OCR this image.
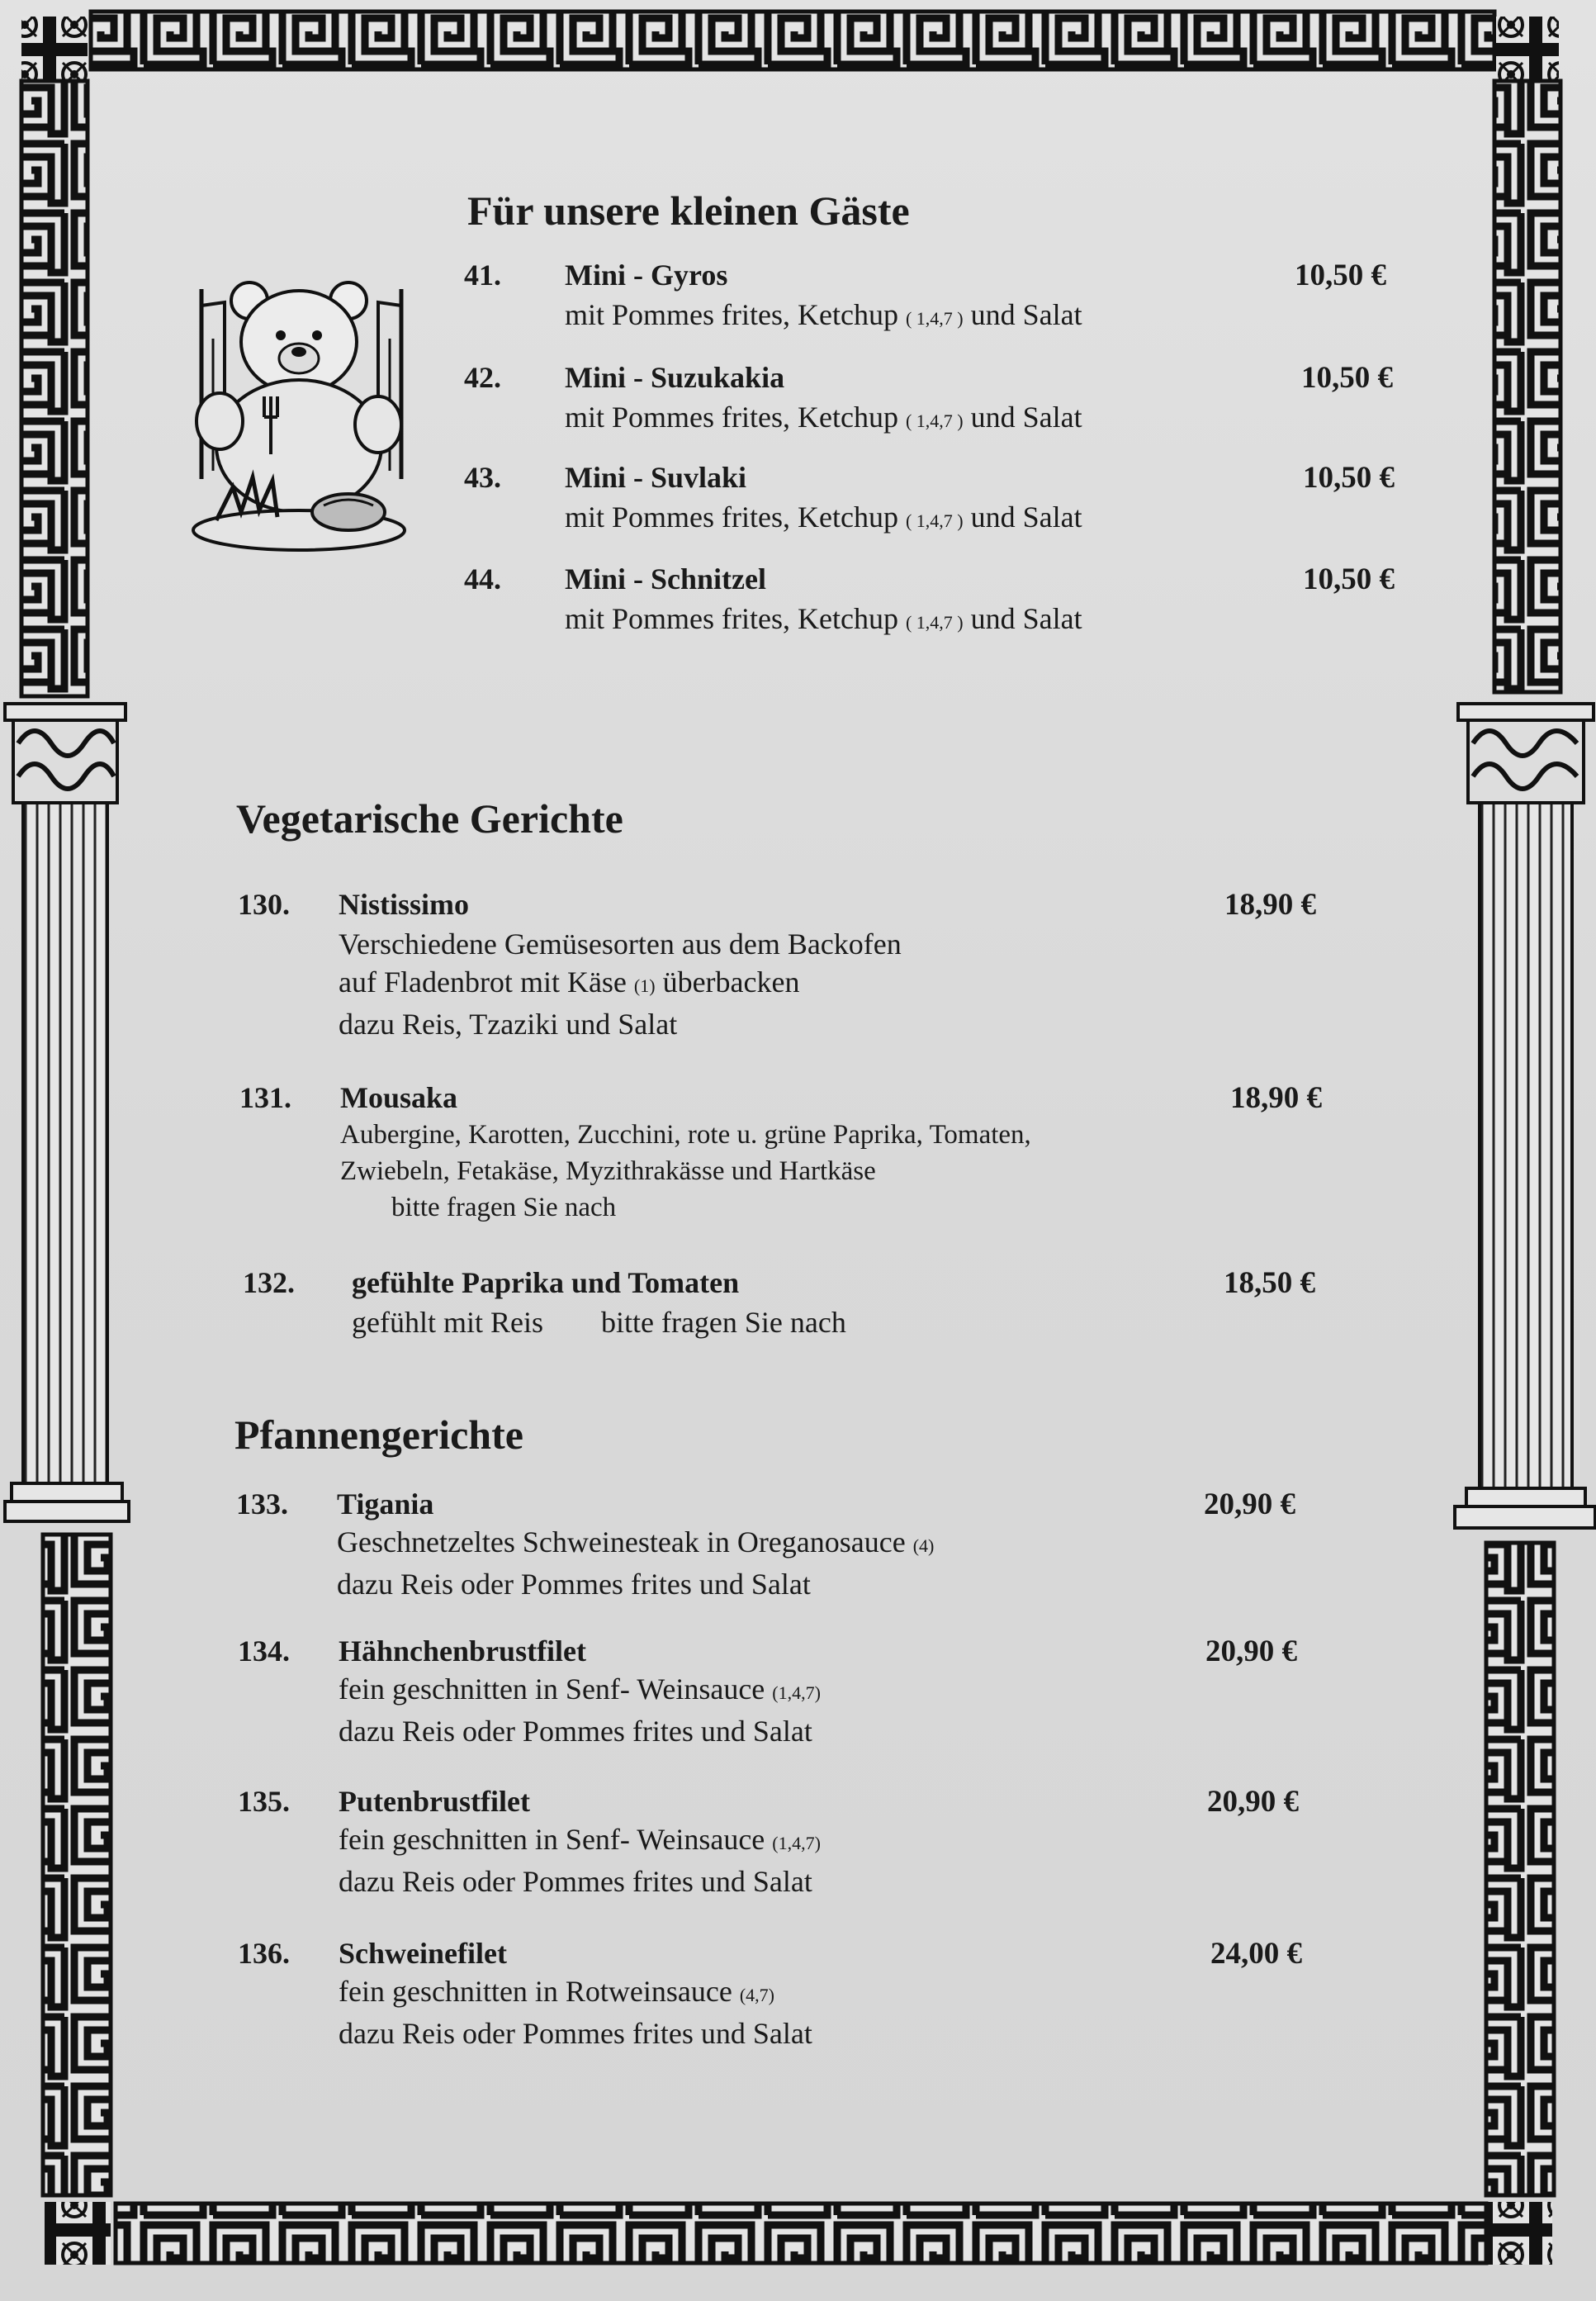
Für unsere kleinen Gäste
41. Mini - Gyros
mit Pommes frites, Ketchup ( 1,4,7 ) und Salat
10,50 €
42. Mini - Suzukakia
mit Pommes frites, Ketchup ( 1,4,7 ) und Salat
10,50 €
43. Mini - Suvlaki
mit Pommes frites, Ketchup ( 1,4,7 ) und Salat
10,50 €
44. Mini - Schnitzel
mit Pommes frites, Ketchup ( 1,4,7 ) und Salat
10,50 €
Vegetarische Gerichte
130. Nistissimo
Verschiedene Gemüsesorten aus dem Backofen
auf Fladenbrot mit Käse (1) überbacken
dazu Reis, Tzaziki und Salat
18,90 €
131. Mousaka
Aubergine, Karotten, Zucchini, rote u. grüne Paprika, Tomaten,
Zwiebeln, Fetakäse, Myzithrakässe und Hartkäse
bitte fragen Sie nach
18,90 €
132. gefühlte Paprika und Tomaten
gefühlt mit Reis bitte fragen Sie nach
18,50 €
Pfannengerichte
133. Tigania
Geschnetzeltes Schweinesteak in Oreganosauce (4)
dazu Reis oder Pommes frites und Salat
20,90 €
134. Hähnchenbrustfilet
fein geschnitten in Senf- Weinsauce (1,4,7)
dazu Reis oder Pommes frites und Salat
20,90 €
135. Putenbrustfilet
fein geschnitten in Senf- Weinsauce (1,4,7)
dazu Reis oder Pommes frites und Salat
20,90 €
136. Schweinefilet
fein geschnitten in Rotweinsauce (4,7)
dazu Reis oder Pommes frites und Salat
24,00 €
